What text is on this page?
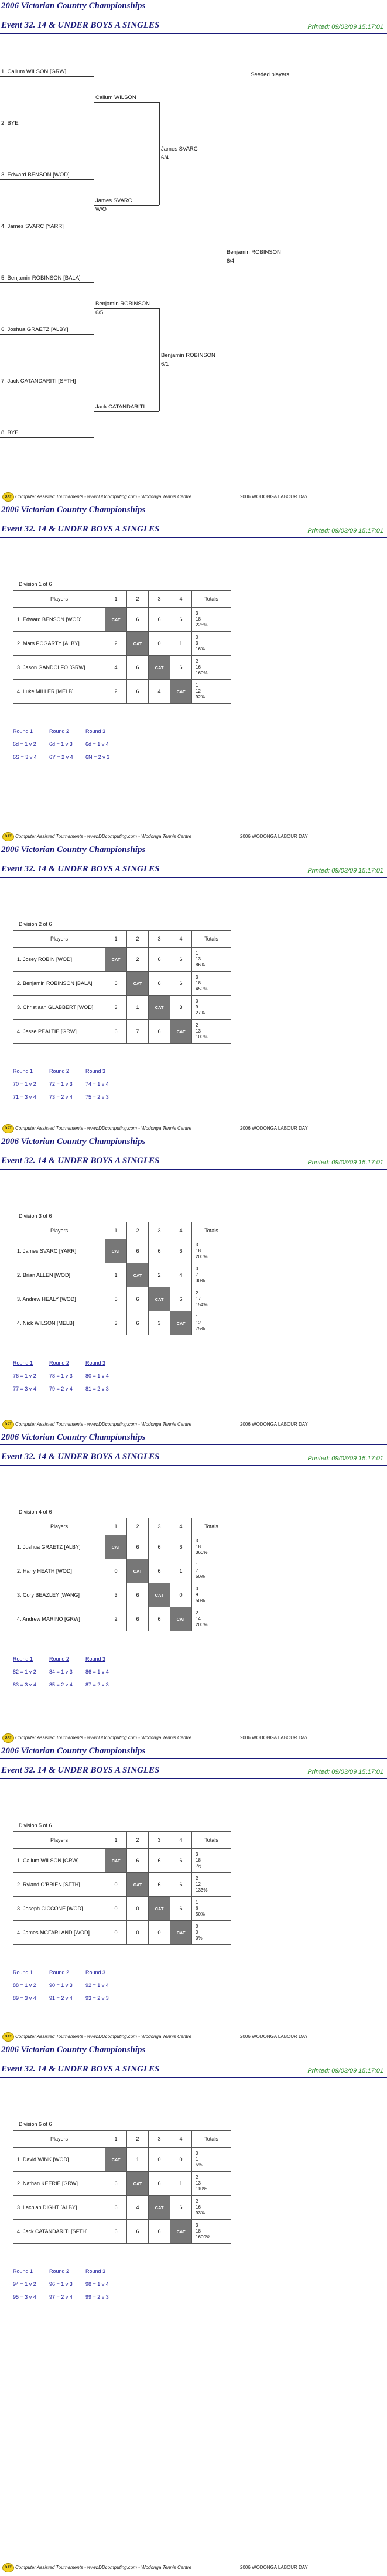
2006 Victorian Country Championships
Event 32. 14 & UNDER BOYS A SINGLES	Printed: 09/03/09 15:17:01
Seeded players
1. Callum WILSON [GRW]
2. BYE
3. Edward BENSON [WOD]
4. James SVARC [YARR]
5. Benjamin ROBINSON [BALA]
6. Joshua GRAETZ [ALBY]
7. Jack CATANDARITI [SFTH]
8. BYE
Callum WILSON
James SVARC
W/O
Benjamin ROBINSON
6/5
Jack CATANDARITI
James SVARC
6/4
Benjamin ROBINSON
6/1
Benjamin ROBINSON
6/4
DAT Computer Assisted Tournaments - www.DDcomputing.com - Wodonga Tennis Centre	2006 WODONGA LABOUR DAY
2006 Victorian Country Championships
Event 32. 14 & UNDER BOYS A SINGLES	Printed: 09/03/09 15:17:01
Division 1 of 6
Players	1	2	3	4	Totals
1. Edward BENSON [WOD]	CAT	6	6	6	3
18
225%

2. Mars POGARTY [ALBY]	2	CAT	0	1	0
3
16%

3. Jason GANDOLFO [GRW]	4	6	CAT	6	2
16
160%

4. Luke MILLER [MELB]	2	6	4	CAT	1
12
92%
Round 1	Round 2	Round 3
6d = 1 v 2 6d = 1 v 3 6d = 1 v 4
6S = 3 v 4 6Y = 2 v 4 6N = 2 v 3
DAT Computer Assisted Tournaments - www.DDcomputing.com - Wodonga Tennis Centre	2006 WODONGA LABOUR DAY
2006 Victorian Country Championships
Event 32. 14 & UNDER BOYS A SINGLES	Printed: 09/03/09 15:17:01
Division 2 of 6
Players	1	2	3	4	Totals
1. Josey ROBIN [WOD]	CAT	2	6	6	1
13
86%

2. Benjamin ROBINSON [BALA]	6	CAT	6	6	3
18
450%

3. Christiaan GLABBERT [WOD]	3	1	CAT	3	0
9
27%

4. Jesse PEALTIE [GRW]	6	7	6	CAT	2
13
100%
Round 1	Round 2	Round 3
70 = 1 v 2 72 = 1 v 3 74 = 1 v 4
71 = 3 v 4 73 = 2 v 4 75 = 2 v 3
DAT Computer Assisted Tournaments - www.DDcomputing.com - Wodonga Tennis Centre	2006 WODONGA LABOUR DAY
2006 Victorian Country Championships
Event 32. 14 & UNDER BOYS A SINGLES	Printed: 09/03/09 15:17:01
Division 3 of 6
Players	1	2	3	4	Totals
1. James SVARC [YARR]	CAT	6	6	6	3
18
200%

2. Brian ALLEN [WOD]	1	CAT	2	4	0
7
30%

3. Andrew HEALY [WOD]	5	6	CAT	6	2
17
154%

4. Nick WILSON [MELB]	3	6	3	CAT	1
12
75%
Round 1	Round 2	Round 3
76 = 1 v 2 78 = 1 v 3 80 = 1 v 4
77 = 3 v 4 79 = 2 v 4 81 = 2 v 3
DAT Computer Assisted Tournaments - www.DDcomputing.com - Wodonga Tennis Centre	2006 WODONGA LABOUR DAY
2006 Victorian Country Championships
Event 32. 14 & UNDER BOYS A SINGLES	Printed: 09/03/09 15:17:01
Division 4 of 6
Players	1	2	3	4	Totals
1. Joshua GRAETZ [ALBY]	CAT	6	6	6	3
18
360%

2. Harry HEATH [WOD]	0	CAT	6	1	1
7
50%

3. Cory BEAZLEY [WANG]	3	6	CAT	0	0
9
50%

4. Andrew MARINO [GRW]	2	6	6	CAT	2
14
200%
Round 1	Round 2	Round 3
82 = 1 v 2 84 = 1 v 3 86 = 1 v 4
83 = 3 v 4 85 = 2 v 4 87 = 2 v 3
DAT Computer Assisted Tournaments - www.DDcomputing.com - Wodonga Tennis Centre	2006 WODONGA LABOUR DAY
2006 Victorian Country Championships
Event 32. 14 & UNDER BOYS A SINGLES	Printed: 09/03/09 15:17:01
Division 5 of 6
Players	1	2	3	4	Totals
1. Callum WILSON [GRW]	CAT	6	6	6	3
18
-%

2. Ryland O'BRIEN [SFTH]	0	CAT	6	6	2
12
133%

3. Joseph CICCONE [WOD]	0	0	CAT	6	1
6
50%

4. James MCFARLAND [WOD]	0	0	0	CAT	0
0
0%
Round 1	Round 2	Round 3
88 = 1 v 2 90 = 1 v 3 92 = 1 v 4
89 = 3 v 4 91 = 2 v 4 93 = 2 v 3
DAT Computer Assisted Tournaments - www.DDcomputing.com - Wodonga Tennis Centre	2006 WODONGA LABOUR DAY
2006 Victorian Country Championships
Event 32. 14 & UNDER BOYS A SINGLES	Printed: 09/03/09 15:17:01
Division 6 of 6
Players	1	2	3	4	Totals
1. David WINK [WOD]	CAT	1	0	0	0
1
5%

2. Nathan KEERIE [GRW]	6	CAT	6	1	2
13
110%

3. Lachlan DIGHT [ALBY]	6	4	CAT	6	2
16
93%

4. Jack CATANDARITI [SFTH]	6	6	6	CAT	3
18
1600%
Round 1	Round 2	Round 3
94 = 1 v 2 96 = 1 v 3 98 = 1 v 4
95 = 3 v 4 97 = 2 v 4 99 = 2 v 3
DAT Computer Assisted Tournaments - www.DDcomputing.com - Wodonga Tennis Centre	2006 WODONGA LABOUR DAY
